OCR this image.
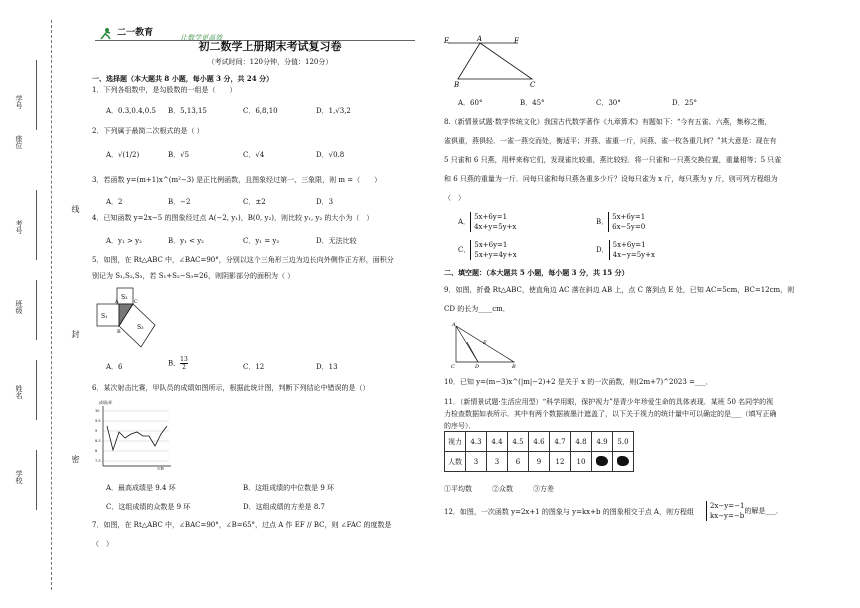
学号
座位
考号
班级
姓名
学校
线
封
密
$^{二一教育}$	让数学更高效
初二数学上册期末考试复习卷
（考试时间：120分钟，分值：120分）
一、选择题（本大题共 8 小题，每小题 3 分，共 24 分）
1．下列各组数中，是勾股数的一组是（　　）
A．0.3,0.4,0.5 B．5,13,15	C．6,8,10	D．1,√3,2
2．下列属于最简二次根式的是（ ）
A．√(1/2)	B．√5	C．√4	D．√0.8
3．若函数 y=(m+1)x^(m²−3) 是正比例函数，且图象经过第一、三象限，则 m =（　　）
A．2	B．−2	C．±2	D．3
4．已知函数 y=2x−5 的图象经过点 A(−2, y₁)，B(0, y₂)，则比较 y₁, y₂ 的大小为（　）
A．y₁ > y₂	B．y₁ < y₂	C．y₁ = y₂	D．无法比较
5．如图，在 Rt△ABC 中，∠BAC=90°，分别以这个三角形三边为边长向外侧作正方形，面积分
别记为 S₁,S₂,S₃，若 S₁+S₂−S₃=26，则阴影部分的面积为（ ）
S₂
S₁
S₃
A
B
C
A．6	B． $\frac{13}{2}$	C．12	D．13
6．某次射击比赛，甲队员的成绩如图所示，根据此统计图，判断下列结论中错误的是（）
成绩/环
10
9.5
9
8.5
8
7.5
次数
A．最高成绩是 9.4 环	B．这组成绩的中位数是 9 环
C．这组成绩的众数是 9 环	D．这组成绩的方差是 8.7
7．如图，在 Rt△ABC 中，∠BAC=90°，∠B=65°，过点 A 作 EF // BC，则 ∠FAC 的度数是
（　）
E	A	F
B	C
A．60°	B．45°	C．30°	D．25°
8.（新情景试题·数学传统文化）我国古代数学著作《九章算术》有题如下：“今有五雀、六燕，集称之衡，
雀俱重，燕俱轻．一雀一燕交而处，衡适平；并燕、雀重一斤，问燕、雀一枚各重几何？”其大意是：现在有
5 只雀和 6 只燕，用秤来称它们，发现雀比较重，燕比较轻．将一只雀和一只燕交换位置，重量相等；5 只雀
和 6 只燕的重量为一斤．问每只雀和每只燕各重多少斤？设每只雀为 x 斤，每只燕为 y 斤，则可列方程组为
（　）
A．
5x+6y=1
4x+y=5y+x
B．
5x+6y=1
6x−5y=0
C．
5x+6y=1
5x+y=4y+x
D．
5x+6y=1
4x−y=5y+x
二、填空题：（本大题共 5 小题，每小题 3 分，共 15 分）
9．如图，折叠 Rt△ABC，使直角边 AC 落在斜边 AB 上，点 C 落到点 E 处，已知 AC=5cm，BC=12cm，则
CD 的长为____cm．
A
E
C	D	B
10．已知 y=(m−3)x^(|m|−2)+2 是关于 x 的一次函数，则(2m+7)^2023 =___．
11．（新情景试题·生活应用型）“科学用眼，保护视力”是青少年珍爱生命的具体表现．某班 50 名同学的视
力检查数据如表所示．其中有两个数据被墨汁遮盖了，以下关于视力的统计量中可以确定的是___（填写正确
的序号）．
视力	4.3	4.4	4.5	4.6	4.7	4.8	4.9	5.0
人数	3	3	6	9	12	10		
①平均数	②众数	③方差
12．如图，一次函数 y=2x+1 的图象与 y=kx+b 的图象相交于点 A，则方程组
2x−y=−1
kx−y=−b
的解是___．
